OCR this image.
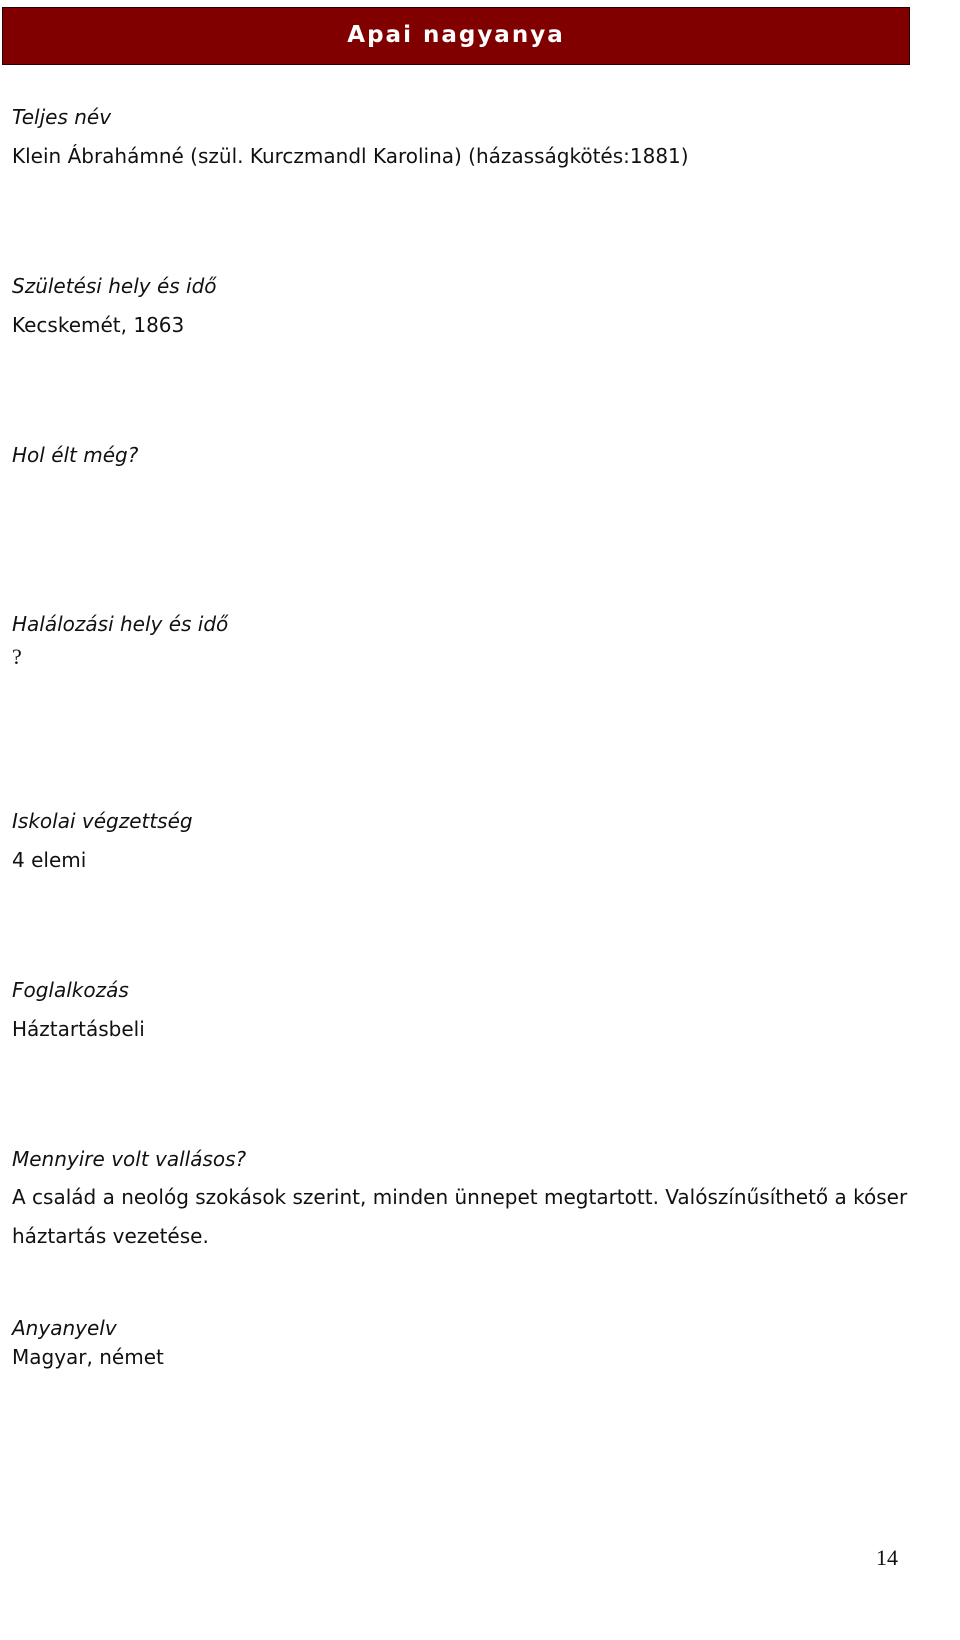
Apai nagyanya
Teljes név
Klein Ábrahámné (szül. Kurczmandl Karolina) (házasságkötés:1881)
Születési hely és idő
Kecskemét, 1863
Hol élt még?
Halálozási hely és idő
?
Iskolai végzettség
4 elemi
Foglalkozás
Háztartásbeli
Mennyire volt vallásos?
A család a neológ szokások szerint, minden ünnepet megtartott. Valószínűsíthető a kóser háztartás vezetése.
Anyanyelv
Magyar, német
14
